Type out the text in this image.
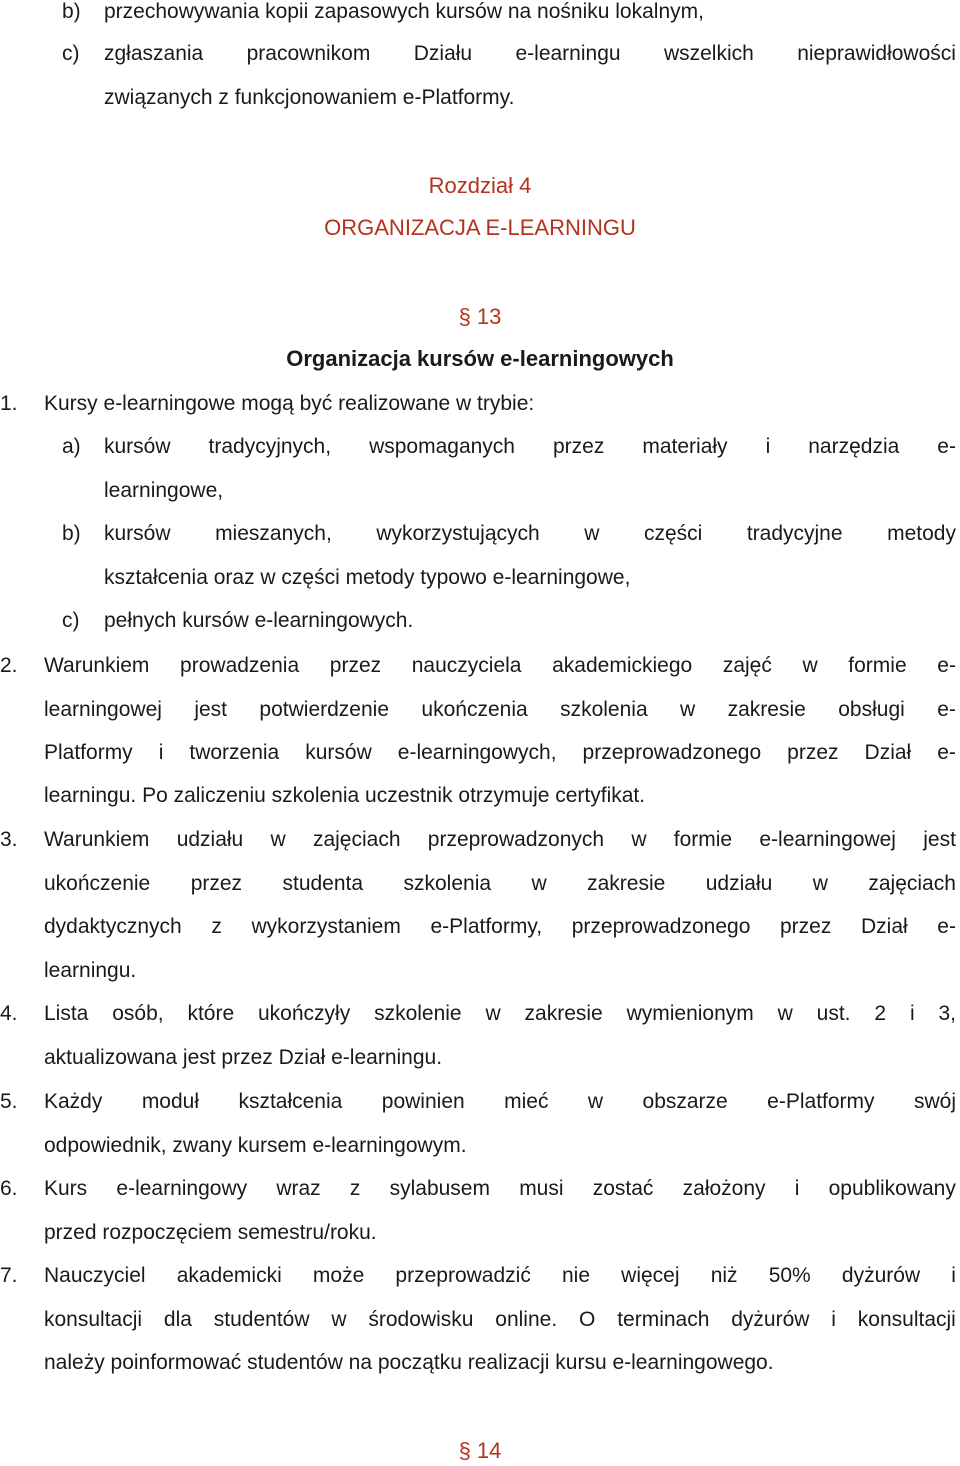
b) przechowywania kopii zapasowych kursów na nośniku lokalnym,
c) zgłaszania pracownikom Działu e-learningu wszelkich nieprawidłowości
związanych z funkcjonowaniem e-Platformy.
Rozdział 4
ORGANIZACJA E-LEARNINGU
§ 13
Organizacja kursów e-learningowych
1. Kursy e-learningowe mogą być realizowane w trybie:
a) kursów tradycyjnych, wspomaganych przez materiały i narzędzia e-
learningowe,
b) kursów mieszanych, wykorzystujących w części tradycyjne metody
kształcenia oraz w części metody typowo e-learningowe,
c) pełnych kursów e-learningowych.
2. Warunkiem prowadzenia przez nauczyciela akademickiego zajęć w formie e-
learningowej jest potwierdzenie ukończenia szkolenia w zakresie obsługi e-
Platformy i tworzenia kursów e-learningowych, przeprowadzonego przez Dział e-
learningu. Po zaliczeniu szkolenia uczestnik otrzymuje certyfikat.
3. Warunkiem udziału w zajęciach przeprowadzonych w formie e-learningowej jest
ukończenie przez studenta szkolenia w zakresie udziału w zajęciach
dydaktycznych z wykorzystaniem e-Platformy, przeprowadzonego przez Dział e-
learningu.
4. Lista osób, które ukończyły szkolenie w zakresie wymienionym w ust. 2 i 3,
aktualizowana jest przez Dział e-learningu.
5. Każdy moduł kształcenia powinien mieć w obszarze e-Platformy swój
odpowiednik, zwany kursem e-learningowym.
6. Kurs e-learningowy wraz z sylabusem musi zostać założony i opublikowany
przed rozpoczęciem semestru/roku.
7. Nauczyciel akademicki może przeprowadzić nie więcej niż 50% dyżurów i
konsultacji dla studentów w środowisku online. O terminach dyżurów i konsultacji
należy poinformować studentów na początku realizacji kursu e-learningowego.
§ 14
